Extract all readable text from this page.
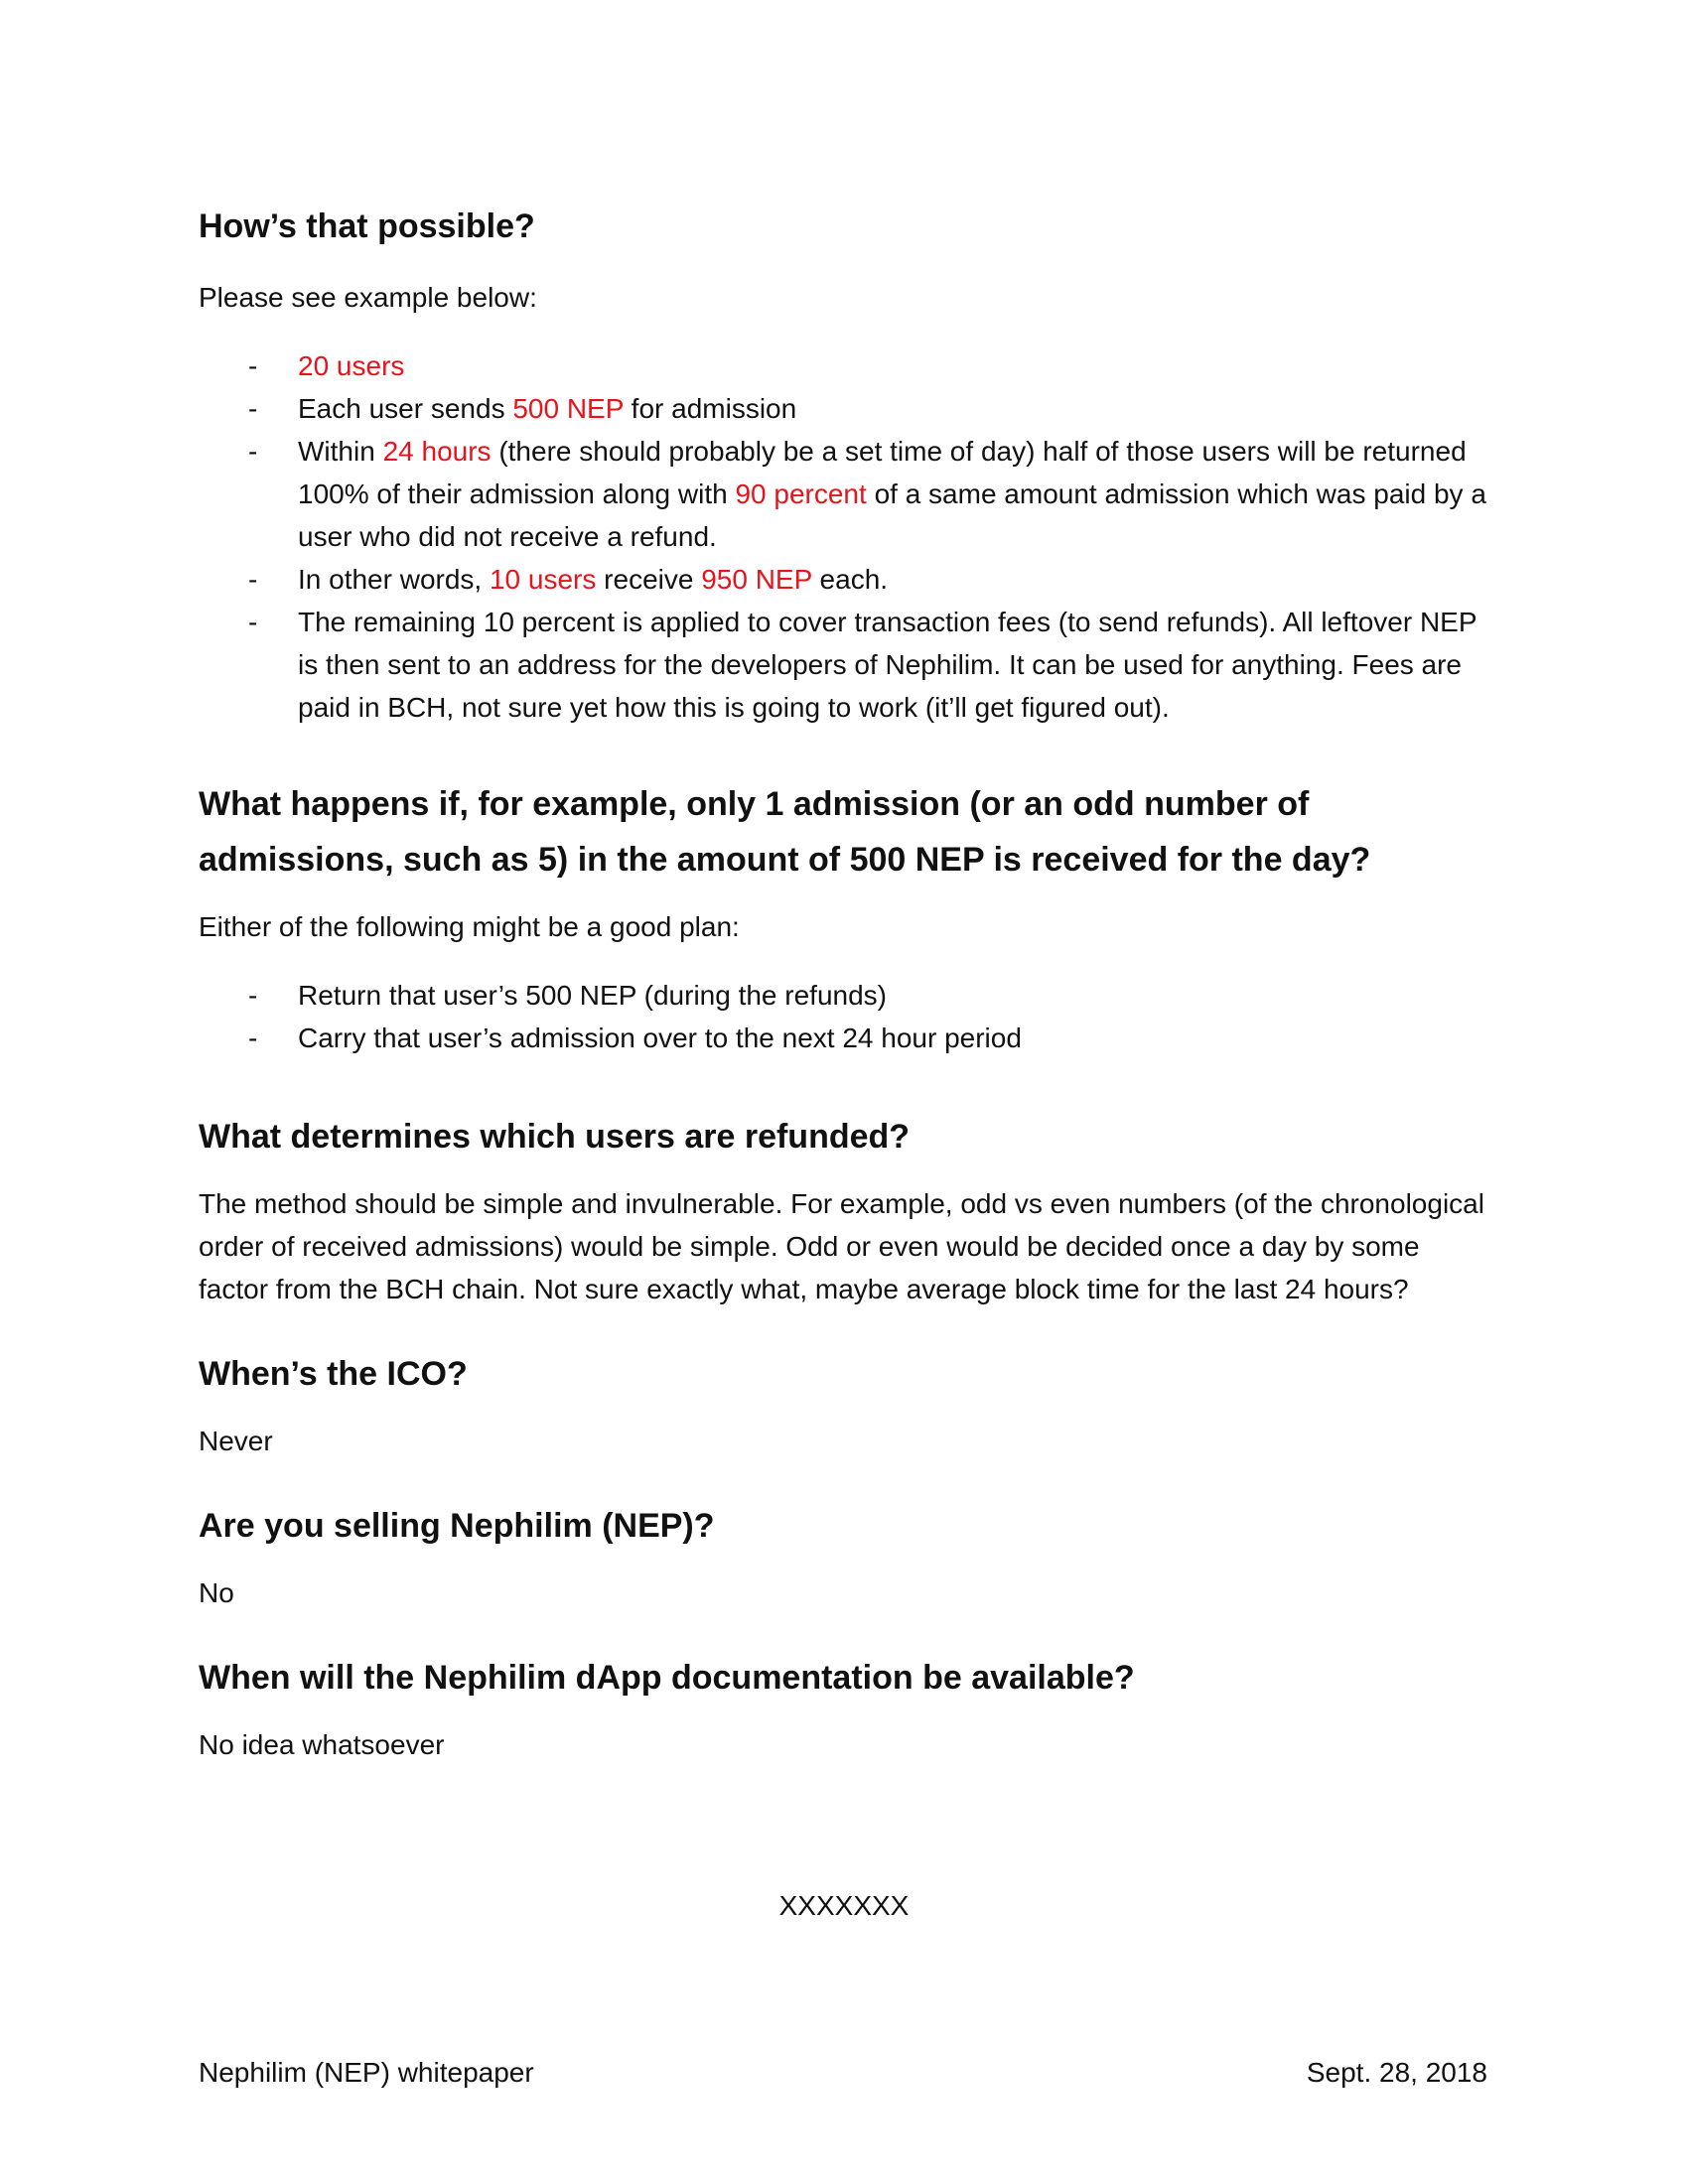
How’s that possible?

Please see example below:

- 20 users
- Each user sends 500 NEP for admission
- Within 24 hours (there should probably be a set time of day) half of those users will be returned 100% of their admission along with 90 percent of a same amount admission which was paid by a user who did not receive a refund.
- In other words, 10 users receive 950 NEP each.
- The remaining 10 percent is applied to cover transaction fees (to send refunds). All leftover NEP is then sent to an address for the developers of Nephilim. It can be used for anything. Fees are paid in BCH, not sure yet how this is going to work (it’ll get figured out).
What happens if, for example, only 1 admission (or an odd number of admissions, such as 5) in the amount of 500 NEP is received for the day?

Either of the following might be a good plan:

- Return that user’s 500 NEP (during the refunds)
- Carry that user’s admission over to the next 24 hour period
What determines which users are refunded?

The method should be simple and invulnerable. For example, odd vs even numbers (of the chronological order of received admissions) would be simple. Odd or even would be decided once a day by some factor from the BCH chain. Not sure exactly what, maybe average block time for the last 24 hours?

When’s the ICO?

Never

Are you selling Nephilim (NEP)?

No

When will the Nephilim dApp documentation be available?

No idea whatsoever

XXXXXXX
Nephilim (NEP) whitepaper	Sept. 28, 2018
